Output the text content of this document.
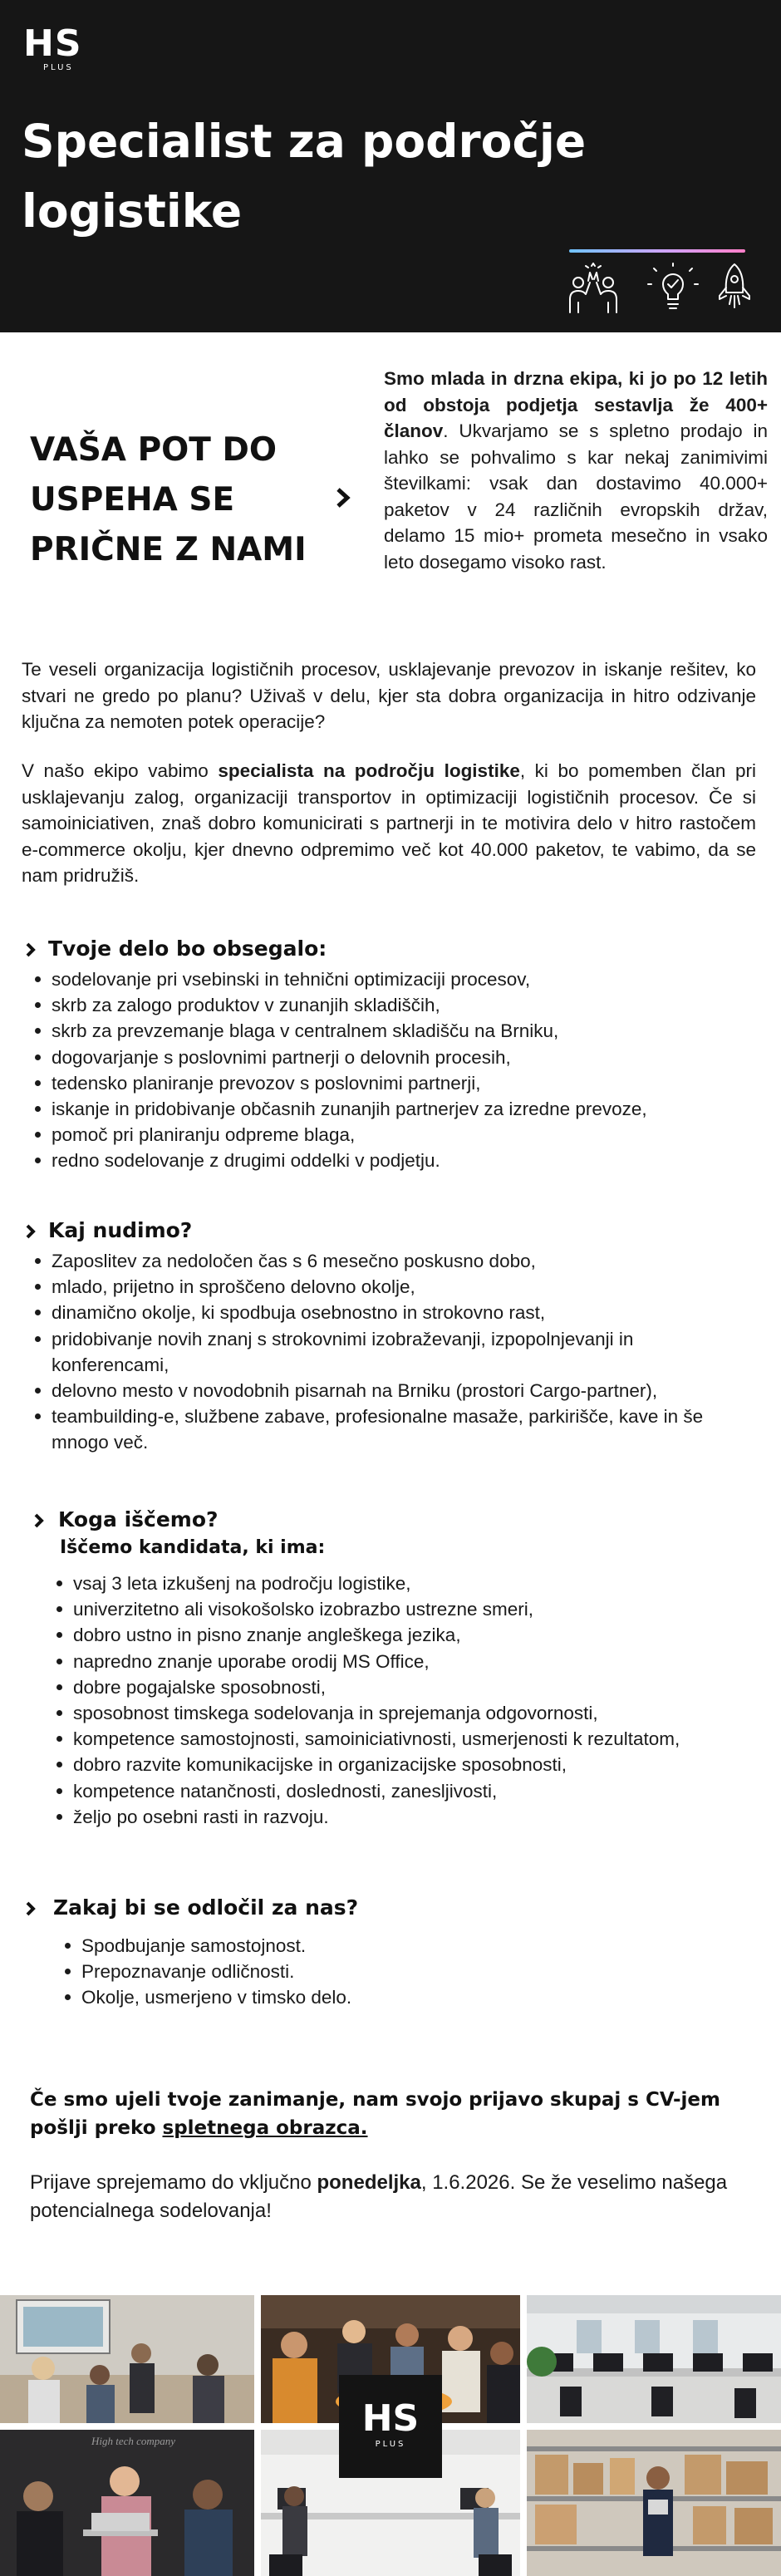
HS
PLUS
Specialist za področje logistike
VAŠA POT DO USPEHA SE PRIČNE Z NAMI

Smo mlada in drzna ekipa, ki jo po 12 letih od obstoja podjetja sestavlja že 400+ članov. Ukvarjamo se s spletno prodajo in lahko se pohvalimo s kar nekaj zanimivimi številkami: vsak dan dostavimo 40.000+ paketov v 24 različnih evropskih držav, delamo 15 mio+ prometa mesečno in vsako leto dosegamo visoko rast.

Te veseli organizacija logističnih procesov, usklajevanje prevozov in iskanje rešitev, ko stvari ne gredo po planu? Uživaš v delu, kjer sta dobra organizacija in hitro odzivanje ključna za nemoten potek operacije?

V našo ekipo vabimo specialista na področju logistike, ki bo pomemben član pri usklajevanju zalog, organizaciji transportov in optimizaciji logističnih procesov. Če si samoiniciativen, znaš dobro komunicirati s partnerji in te motivira delo v hitro rastočem e-commerce okolju, kjer dnevno odpremimo več kot 40.000 paketov, te vabimo, da se nam pridružiš.

Tvoje delo bo obsegalo:
sodelovanje pri vsebinski in tehnični optimizaciji procesov,
skrb za zalogo produktov v zunanjih skladiščih,
skrb za prevzemanje blaga v centralnem skladišču na Brniku,
dogovarjanje s poslovnimi partnerji o delovnih procesih,
tedensko planiranje prevozov s poslovnimi partnerji,
iskanje in pridobivanje občasnih zunanjih partnerjev za izredne prevoze,
pomoč pri planiranju odpreme blaga,
redno sodelovanje z drugimi oddelki v podjetju.
Kaj nudimo?
Zaposlitev za nedoločen čas s 6 mesečno poskusno dobo,
mlado, prijetno in sproščeno delovno okolje,
dinamično okolje, ki spodbuja osebnostno in strokovno rast,
pridobivanje novih znanj s strokovnimi izobraževanji, izpopolnjevanji in konferencami,
delovno mesto v novodobnih pisarnah na Brniku (prostori Cargo-partner),
teambuilding-e, službene zabave, profesionalne masaže, parkirišče, kave in še mnogo več.
Koga iščemo?
Iščemo kandidata, ki ima:
vsaj 3 leta izkušenj na področju logistike,
univerzitetno ali visokošolsko izobrazbo ustrezne smeri,
dobro ustno in pisno znanje angleškega jezika,
napredno znanje uporabe orodij MS Office,
dobre pogajalske sposobnosti,
sposobnost timskega sodelovanja in sprejemanja odgovornosti,
kompetence samostojnosti, samoiniciativnosti, usmerjenosti k rezultatom,
dobro razvite komunikacijske in organizacijske sposobnosti,
kompetence natančnosti, doslednosti, zanesljivosti,
željo po osebni rasti in razvoju.
Zakaj bi se odločil za nas?
Spodbujanje samostojnost.
Prepoznavanje odličnosti.
Okolje, usmerjeno v timsko delo.

Če smo ujeli tvoje zanimanje, nam svojo prijavo skupaj s CV-jem pošlji preko spletnega obrazca.

Prijave sprejemamo do vključno ponedeljka, 1.6.2026. Se že veselimo našega potencialnega sodelovanja!

High tech company
HS
PLUS
